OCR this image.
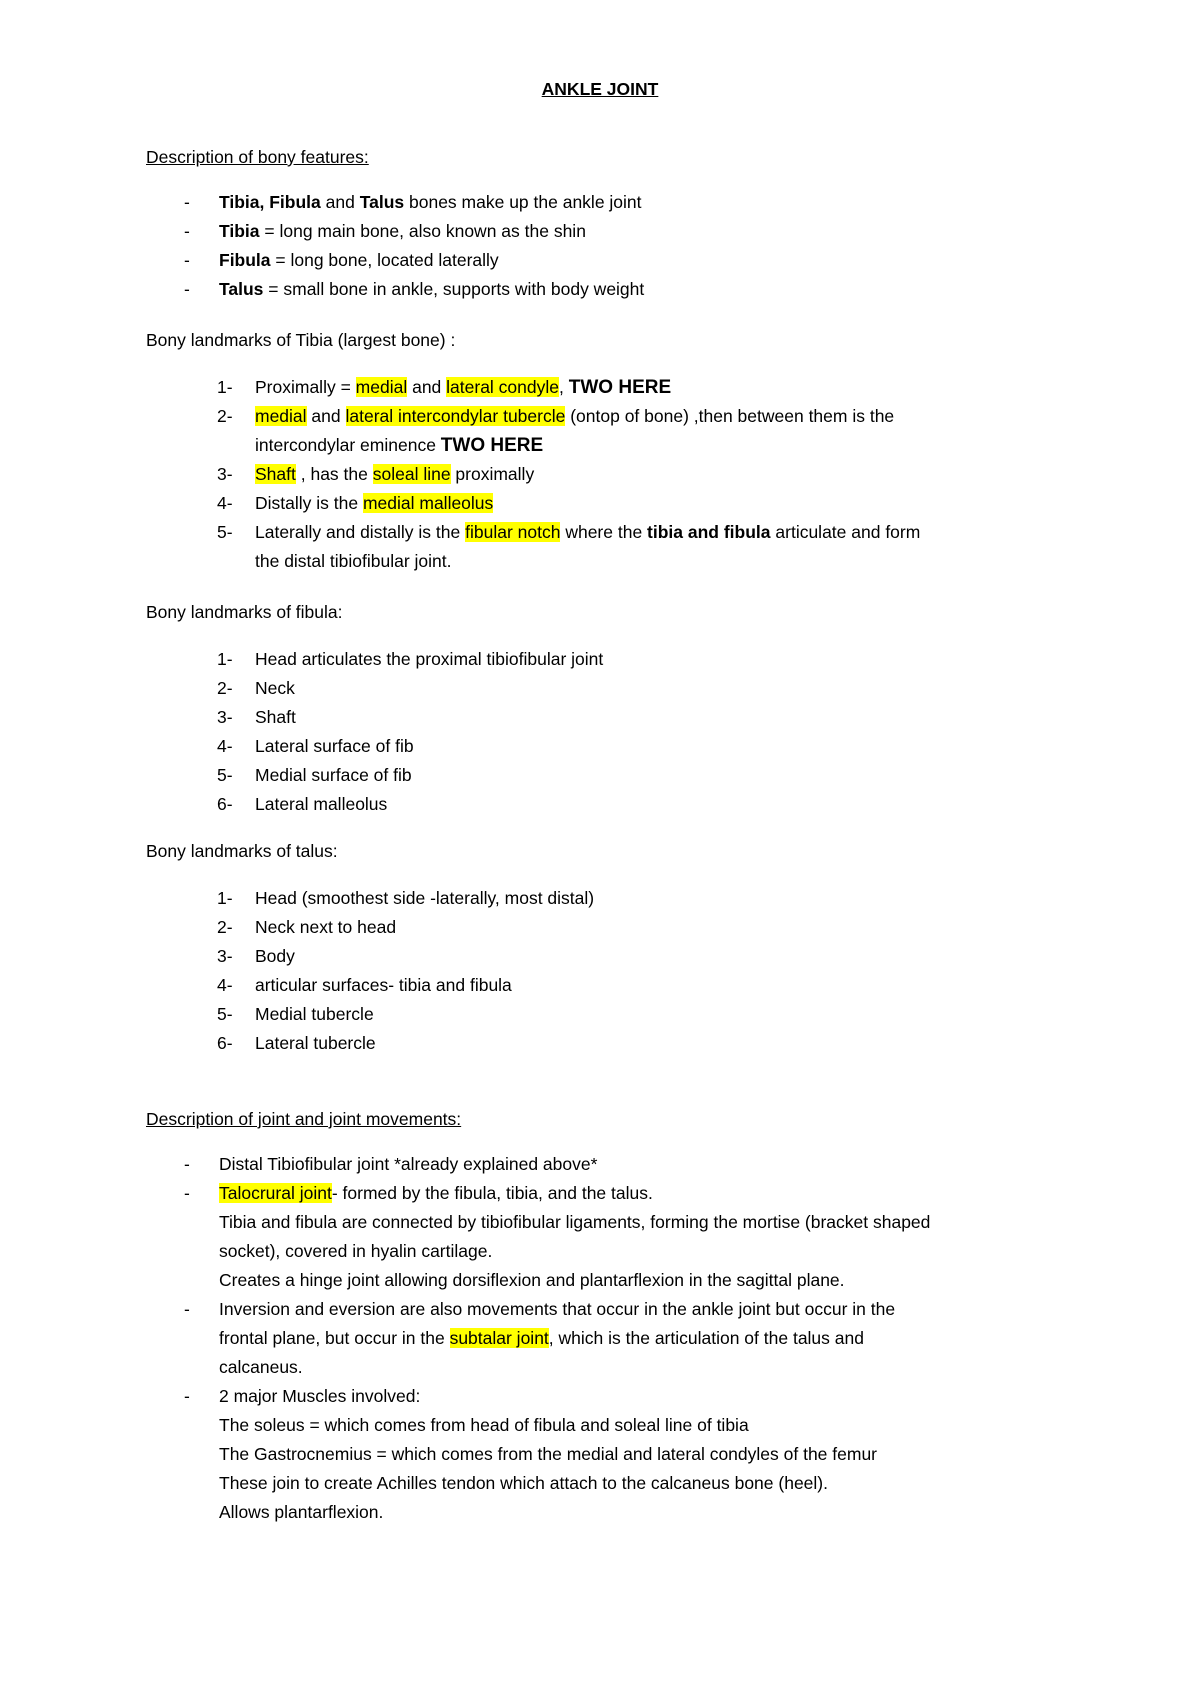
ANKLE JOINT
Description of bony features:
- Tibia, Fibula and Talus bones make up the ankle joint
- Tibia = long main bone, also known as the shin
- Fibula = long bone, located laterally
- Talus = small bone in ankle, supports with body weight
Bony landmarks of Tibia (largest bone) :
1- Proximally = medial and lateral condyle, TWO HERE
2- medial and lateral intercondylar tubercle (ontop of bone) ,then between them is the
intercondylar eminence TWO HERE
3- Shaft , has the soleal line proximally
4- Distally is the medial malleolus
5- Laterally and distally is the fibular notch where the tibia and fibula articulate and form
the distal tibiofibular joint.
Bony landmarks of fibula:
1- Head articulates the proximal tibiofibular joint
2- Neck
3- Shaft
4- Lateral surface of fib
5- Medial surface of fib
6- Lateral malleolus
Bony landmarks of talus:
1- Head (smoothest side -laterally, most distal)
2- Neck next to head
3- Body
4- articular surfaces- tibia and fibula
5- Medial tubercle
6- Lateral tubercle
Description of joint and joint movements:
- Distal Tibiofibular joint *already explained above*
- Talocrural joint- formed by the fibula, tibia, and the talus.
Tibia and fibula are connected by tibiofibular ligaments, forming the mortise (bracket shaped
socket), covered in hyalin cartilage.
Creates a hinge joint allowing dorsiflexion and plantarflexion in the sagittal plane.
- Inversion and eversion are also movements that occur in the ankle joint but occur in the
frontal plane, but occur in the subtalar joint, which is the articulation of the talus and
calcaneus.
- 2 major Muscles involved:
The soleus = which comes from head of fibula and soleal line of tibia
The Gastrocnemius = which comes from the medial and lateral condyles of the femur
These join to create Achilles tendon which attach to the calcaneus bone (heel).
Allows plantarflexion.
